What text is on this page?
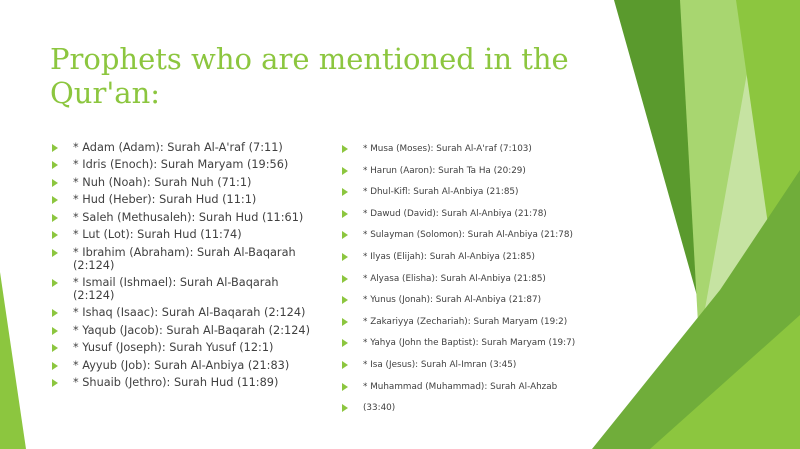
Prophets who are mentioned in the Qur'an:
* Adam (Adam): Surah Al-A'raf (7:11)
* Idris (Enoch): Surah Maryam (19:56)
* Nuh (Noah): Surah Nuh (71:1)
* Hud (Heber): Surah Hud (11:1)
* Saleh (Methusaleh): Surah Hud (11:61)
* Lut (Lot): Surah Hud (11:74)
* Ibrahim (Abraham): Surah Al-Baqarah (2:124)
* Ismail (Ishmael): Surah Al-Baqarah (2:124)
* Ishaq (Isaac): Surah Al-Baqarah (2:124)
* Yaqub (Jacob): Surah Al-Baqarah (2:124)
* Yusuf (Joseph): Surah Yusuf (12:1)
* Ayyub (Job): Surah Al-Anbiya (21:83)
* Shuaib (Jethro): Surah Hud (11:89)
* Musa (Moses): Surah Al-A'raf (7:103)
* Harun (Aaron): Surah Ta Ha (20:29)
* Dhul-Kifl: Surah Al-Anbiya (21:85)
* Dawud (David): Surah Al-Anbiya (21:78)
* Sulayman (Solomon): Surah Al-Anbiya (21:78)
* Ilyas (Elijah): Surah Al-Anbiya (21:85)
* Alyasa (Elisha): Surah Al-Anbiya (21:85)
* Yunus (Jonah): Surah Al-Anbiya (21:87)
* Zakariyya (Zechariah): Surah Maryam (19:2)
* Yahya (John the Baptist): Surah Maryam (19:7)
* Isa (Jesus): Surah Al-Imran (3:45)
* Muhammad (Muhammad): Surah Al-Ahzab
(33:40)
